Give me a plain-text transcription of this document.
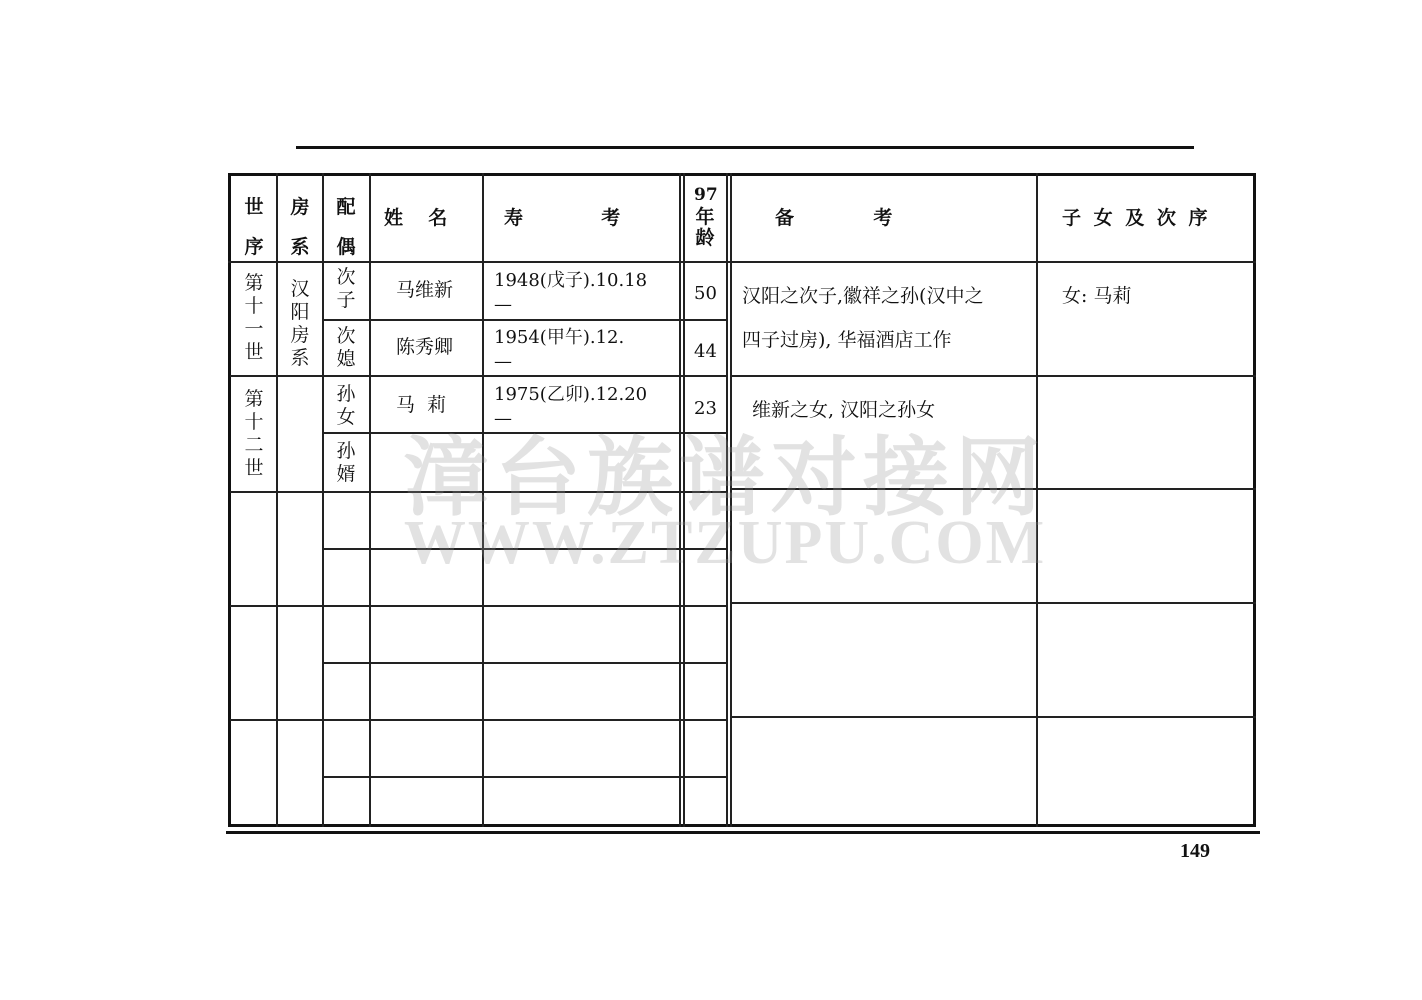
世序
房系
配偶
姓  名	寿       考
97
年龄
备            考	子 女 及 次 序
第十一世
第十二世
汉阳房系
次子
次媳
孙女
孙婿
马维新
陈秀卿
马  莉
1948(戊子).10.18
—
1954(甲午).12.
—
1975(乙卯).12.20
—
50
44
23
汉阳之次子,徽祥之孙(汉中之
四子过房), 华福酒店工作
维新之女, 汉阳之孙女
女: 马莉
漳台族谱对接网
WWW.ZTZUPU.COM
149
